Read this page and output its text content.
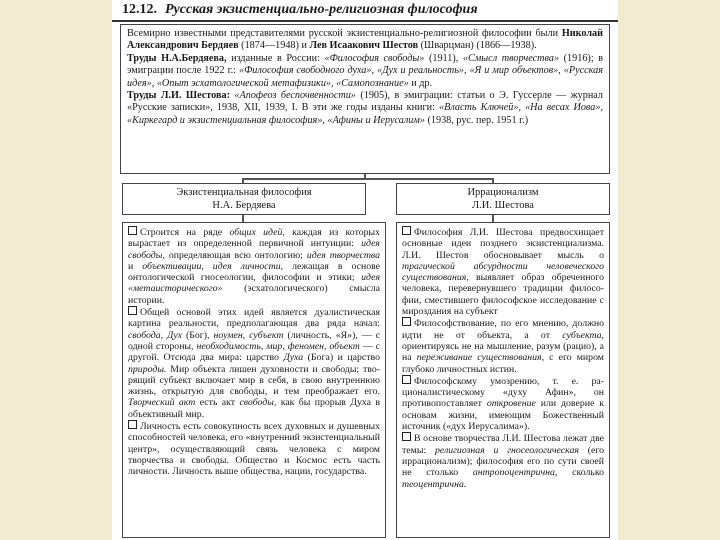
12.12. Русская экзистенциально-религиозная философия
Всемирно известными представителями русской экзистенциально-религиозной философии были Николай Александрович Бердяев (1874—1948) и Лев Исаакович Шестов (Шварцман) (1866—1938).
Труды Н.А.Бердяева, изданные в России: «Философия свободы» (1911), «Смысл творчества» (1916); в эмиграции после 1922 г.: «Философия свободного духа», «Дух и реальность», «Я и мир объектов», «Русская идея», «Опыт эсхатологической метафизики», «Самопознание» и др.
Труды Л.И. Шестова: «Апофеоз беспочвенности» (1905), в эмиграции: статьи о Э. Гуссерле — журнал «Русские записки», 1938, XII, 1939, I. В эти же годы изданы книги: «Власть Ключей», «На весах Иова», «Киркегард и экзистенциальная философия», «Афины и Иерусалим» (1938, рус. пер. 1951 г.)
Экзистенциальная философия
Н.А. Бердяева
Иррационализм
Л.И. Шестова

Строится на ряде общих идей, каждая из которых вырастает из определенной первичной интуиции: идея свободы, определяющая всю онтологию; идея творчества и объективации, идея личности, лежащая в основе онтологической гносеологии, философии и этики; идея «метаисторического» (эсхатологического) смысла истории.

Общей основой этих идей является дуалистическая картина реальности, предполагающая два ряда начал: свобода, Дух (Бог), ноумен, субъект (личность, «Я»), — с одной стороны, необходимость, мир, феномен, объект — с другой. Отсюда два мира: царство Духа (Бога) и царство природы. Мир объекта лишен духовности и свободы; творящий субъект включает мир в себя, в свою внутреннюю жизнь, открытую для свободы, и тем преображает его. Творческий акт есть акт свободы, как бы прорыв Духа в объективный мир.

Личность есть совокупность всех духовных и душевных способностей человека, его «внутренний экзистенциальный центр», осуществляющий связь человека с миром творчества и свободы. Общество и Космос есть часть личности. Личность выше общества, нации, государства.

Философия Л.И. Шестова предвосхищает основные идеи позднего экзистенциализма. Л.И. Шестов обосновывает мысль о трагической абсурдности человеческого существования, выявляет образ обреченного человека, перевернувшего традиции философии, сместившего философское исследование с мироздания на субъект

Философствование, по его мнению, должно идти не от объекта, а от субъекта, ориентируясь не на мышление, разум (рацио), а на переживание существования, с его миром глубоко личностных истин.

Философскому умозрению, т. е. рационалистическому «духу Афин», он противопоставляет откровение или доверие к основам жизни, имеющим Божественный источник («дух Иерусалима»).

В основе творчества Л.И. Шестова лежат две темы: религиозная и гносеологическая (его иррационализм); философия его по сути своей не столько антропоцентрична, сколько теоцентрична.
